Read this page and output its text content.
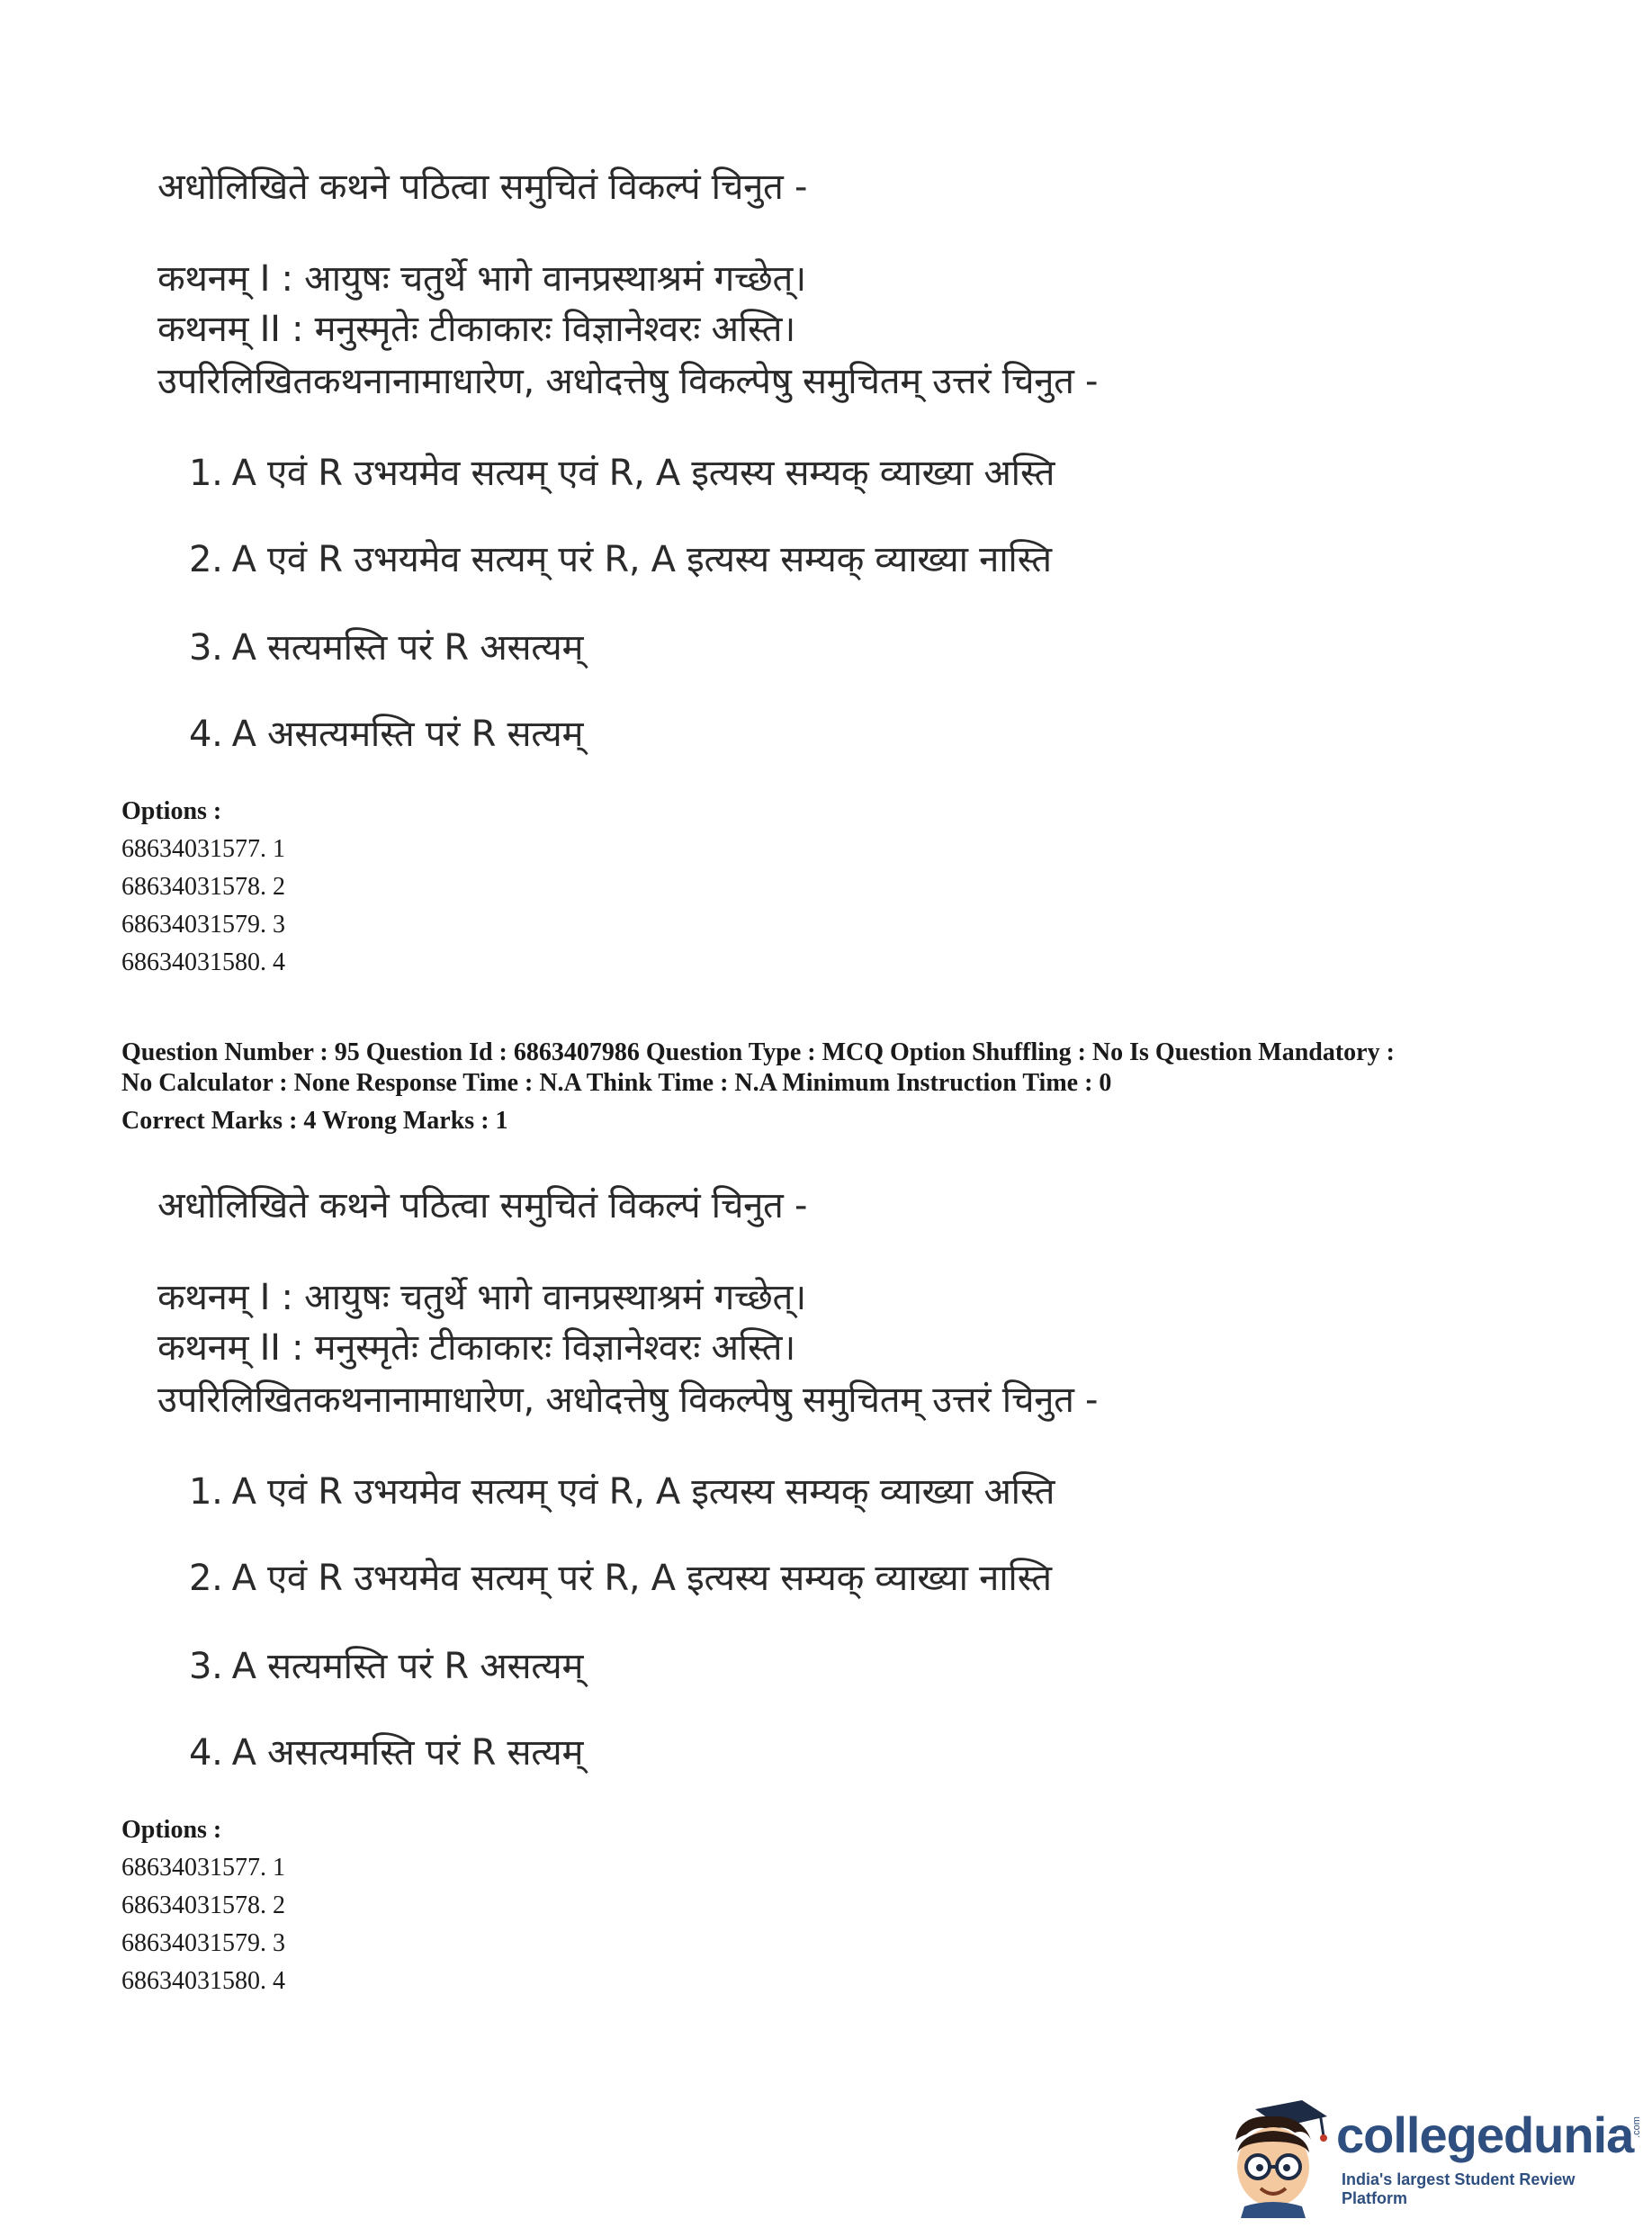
अधोलिखिते कथने पठित्वा समुचितं विकल्पं चिनुत -
कथनम् I : आयुषः चतुर्थे भागे वानप्रस्थाश्रमं गच्छेत्।
कथनम् II : मनुस्मृतेः टीकाकारः विज्ञानेश्वरः अस्ति।
उपरिलिखितकथनानामाधारेण, अधोदत्तेषु विकल्पेषु समुचितम् उत्तरं चिनुत -
1. A एवं R उभयमेव सत्यम् एवं R, A इत्यस्य सम्यक् व्याख्या अस्ति
2. A एवं R उभयमेव सत्यम् परं R, A इत्यस्य सम्यक् व्याख्या नास्ति
3. A सत्यमस्ति परं R असत्यम्
4. A असत्यमस्ति परं R सत्यम्
Options :
68634031577. 1
68634031578. 2
68634031579. 3
68634031580. 4
Question Number : 95 Question Id : 6863407986 Question Type : MCQ Option Shuffling : No Is Question Mandatory :
No Calculator : None Response Time : N.A Think Time : N.A Minimum Instruction Time : 0
Correct Marks : 4 Wrong Marks : 1
अधोलिखिते कथने पठित्वा समुचितं विकल्पं चिनुत -
कथनम् I : आयुषः चतुर्थे भागे वानप्रस्थाश्रमं गच्छेत्।
कथनम् II : मनुस्मृतेः टीकाकारः विज्ञानेश्वरः अस्ति।
उपरिलिखितकथनानामाधारेण, अधोदत्तेषु विकल्पेषु समुचितम् उत्तरं चिनुत -
1. A एवं R उभयमेव सत्यम् एवं R, A इत्यस्य सम्यक् व्याख्या अस्ति
2. A एवं R उभयमेव सत्यम् परं R, A इत्यस्य सम्यक् व्याख्या नास्ति
3. A सत्यमस्ति परं R असत्यम्
4. A असत्यमस्ति परं R सत्यम्
Options :
68634031577. 1
68634031578. 2
68634031579. 3
68634031580. 4
collegedunia
.com
India's largest Student Review Platform
